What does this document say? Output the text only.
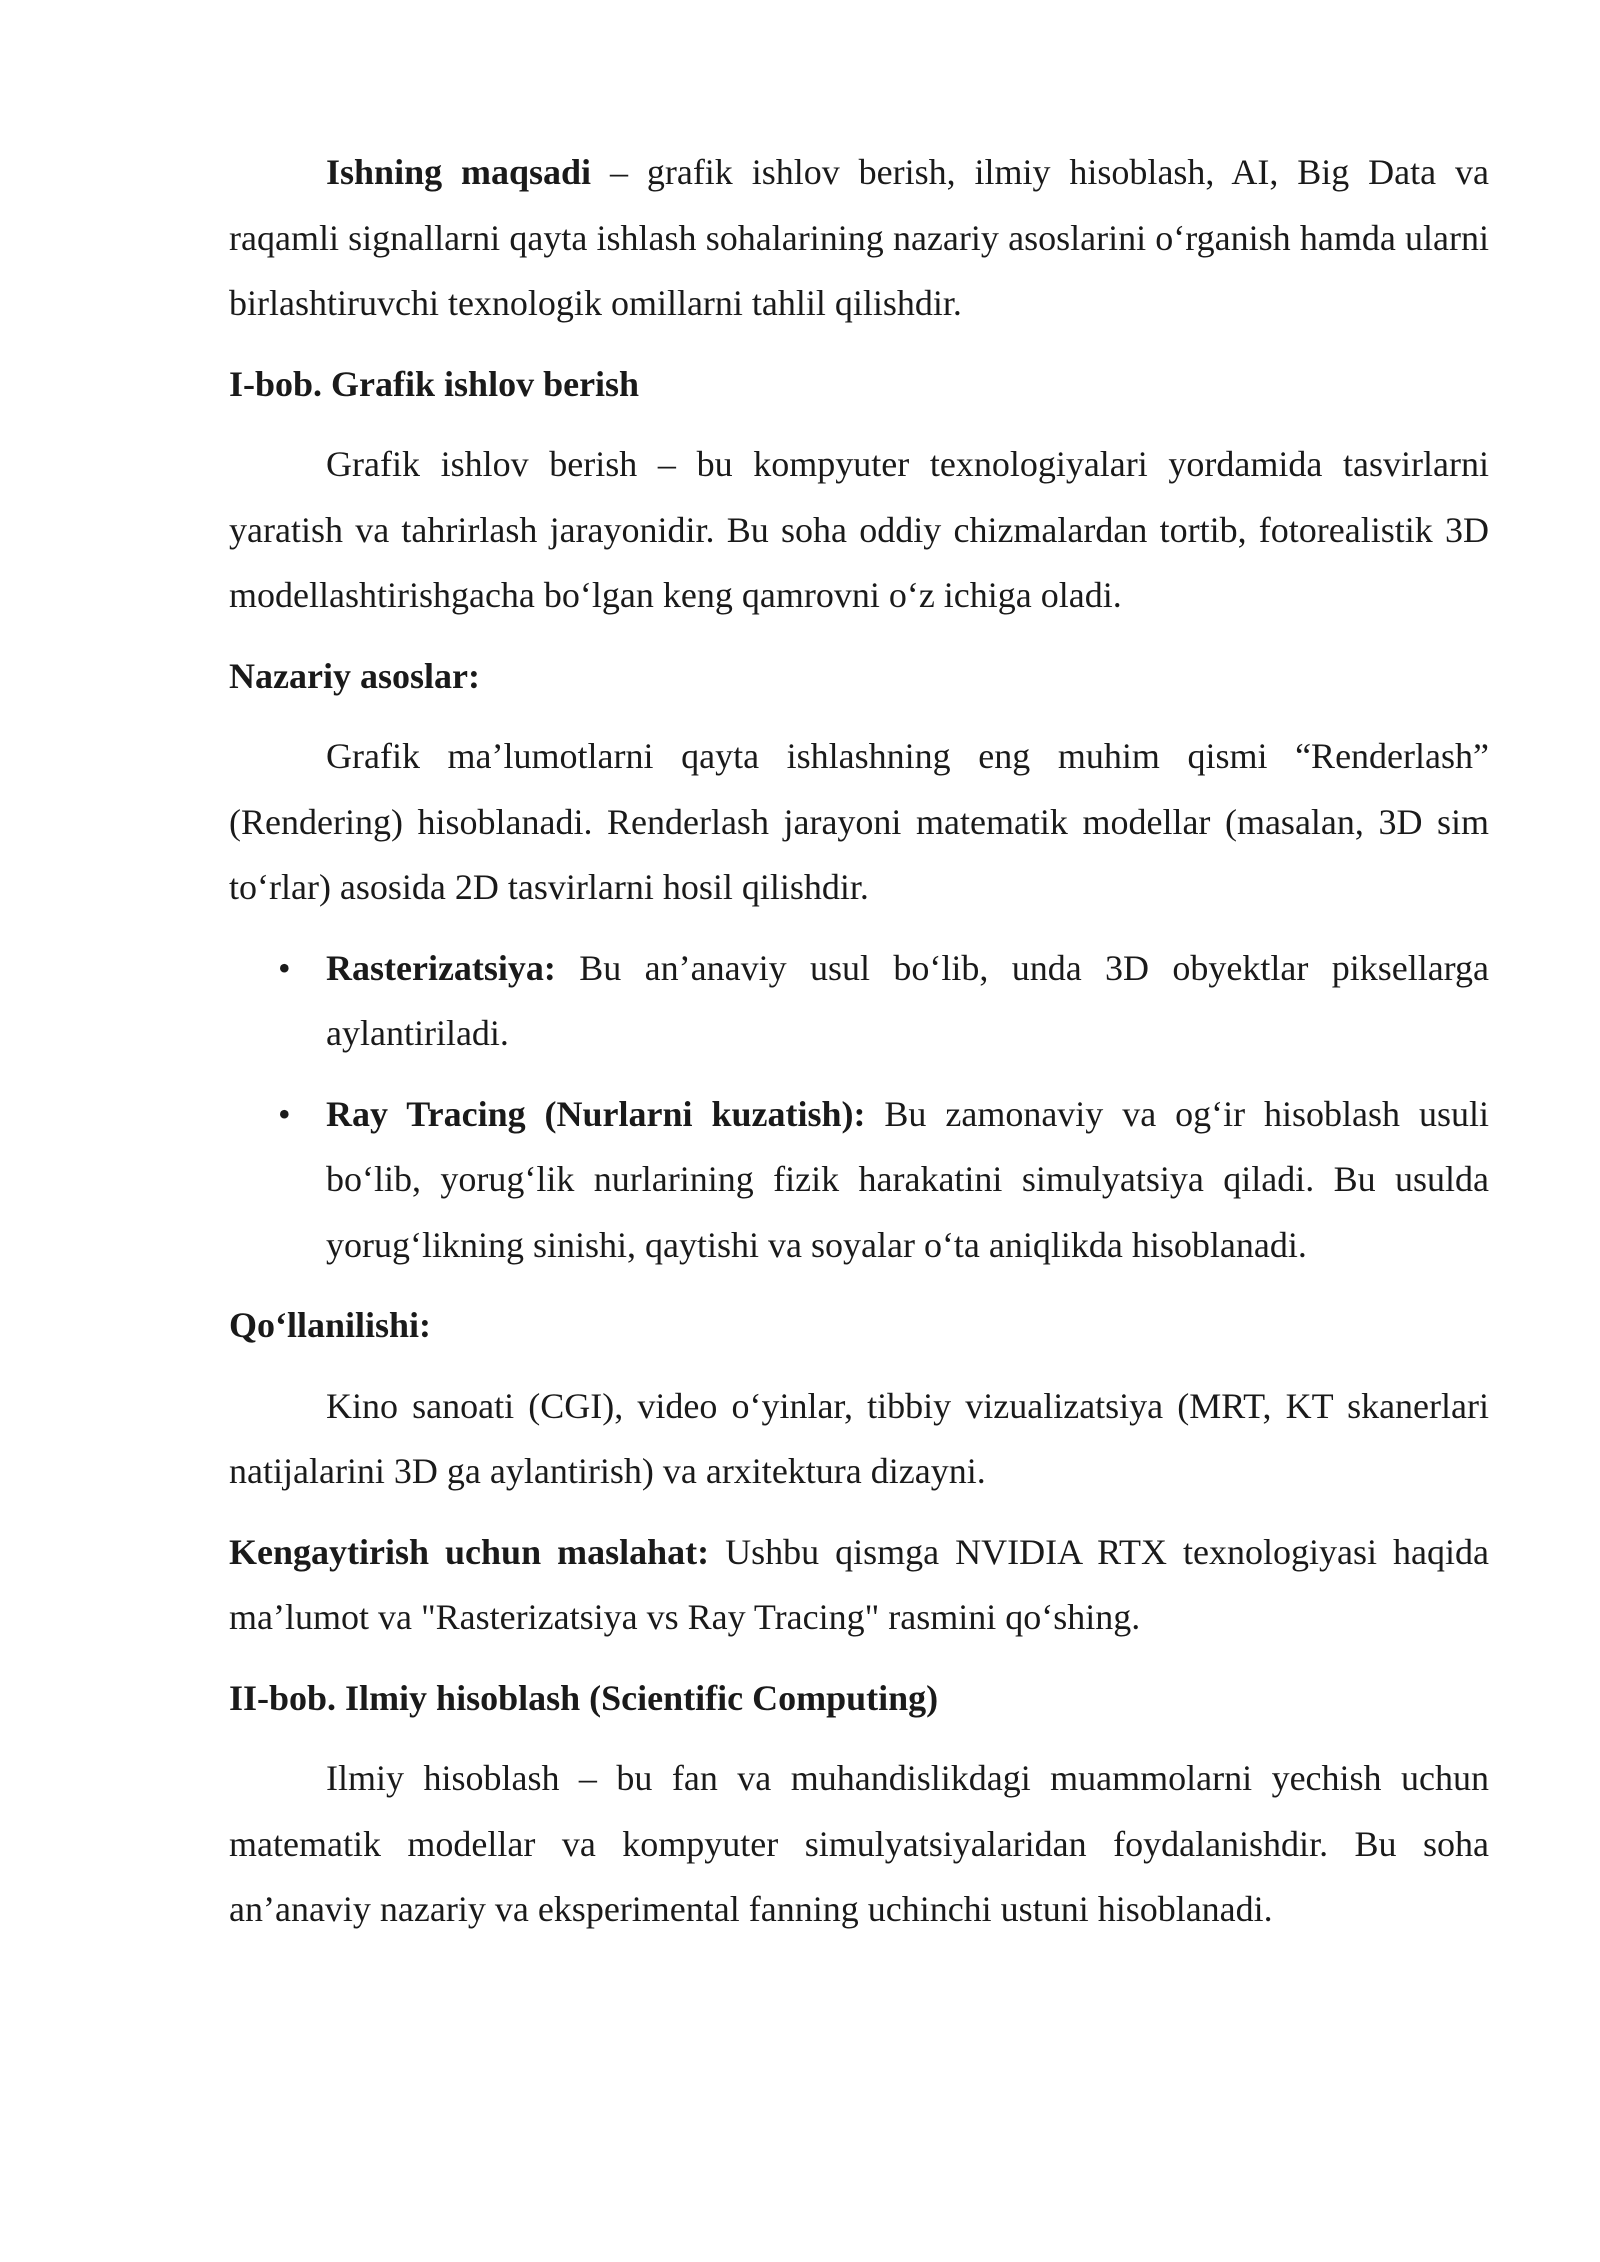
Ishning maqsadi – grafik ishlov berish, ilmiy hisoblash, AI, Big Data va raqamli signallarni qayta ishlash sohalarining nazariy asoslarini o‘rganish hamda ularni birlashtiruvchi texnologik omillarni tahlil qilishdir.

I-bob. Grafik ishlov berish

Grafik ishlov berish – bu kompyuter texnologiyalari yordamida tasvirlarni yaratish va tahrirlash jarayonidir. Bu soha oddiy chizmalardan tortib, fotorealistik 3D modellashtirishgacha bo‘lgan keng qamrovni o‘z ichiga oladi.

Nazariy asoslar:

Grafik ma’lumotlarni qayta ishlashning eng muhim qismi “Renderlash” (Rendering) hisoblanadi. Renderlash jarayoni matematik modellar (masalan, 3D sim to‘rlar) asosida 2D tasvirlarni hosil qilishdir.

• Rasterizatsiya: Bu an’anaviy usul bo‘lib, unda 3D obyektlar piksellarga aylantiriladi.
• Ray Tracing (Nurlarni kuzatish): Bu zamonaviy va og‘ir hisoblash usuli bo‘lib, yorug‘lik nurlarining fizik harakatini simulyatsiya qiladi. Bu usulda yorug‘likning sinishi, qaytishi va soyalar o‘ta aniqlikda hisoblanadi.

Qo‘llanilishi:

Kino sanoati (CGI), video o‘yinlar, tibbiy vizualizatsiya (MRT, KT skanerlari natijalarini 3D ga aylantirish) va arxitektura dizayni.

Kengaytirish uchun maslahat: Ushbu qismga NVIDIA RTX texnologiyasi haqida ma’lumot va "Rasterizatsiya vs Ray Tracing" rasmini qo‘shing.

II-bob. Ilmiy hisoblash (Scientific Computing)

Ilmiy hisoblash – bu fan va muhandislikdagi muammolarni yechish uchun matematik modellar va kompyuter simulyatsiyalaridan foydalanishdir. Bu soha an’anaviy nazariy va eksperimental fanning uchinchi ustuni hisoblanadi.
